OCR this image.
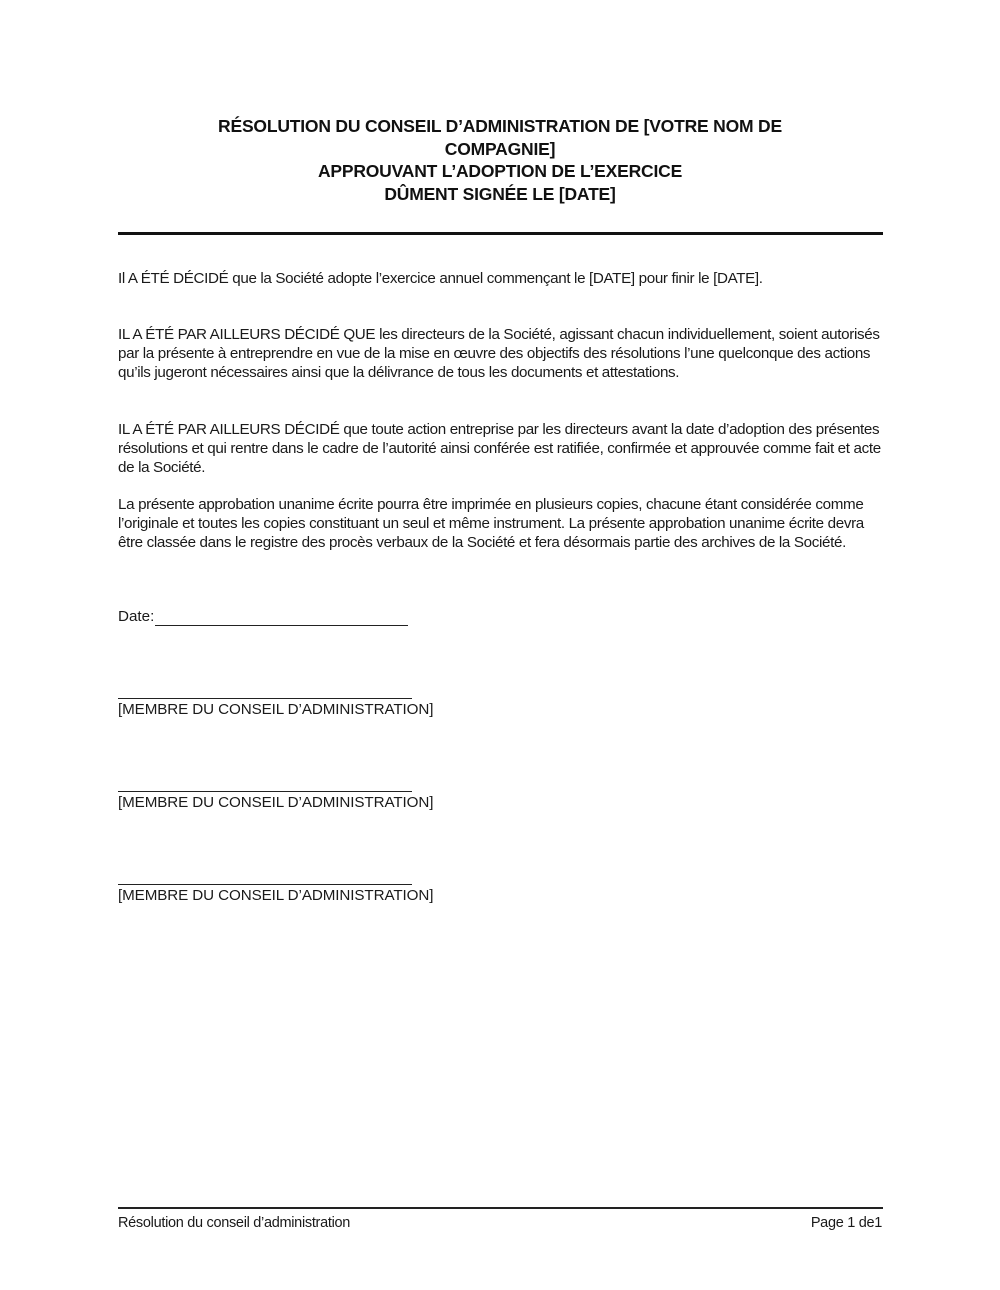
RÉSOLUTION DU CONSEIL D’ADMINISTRATION DE [VOTRE NOM DE
COMPAGNIE]
APPROUVANT L’ADOPTION DE L’EXERCICE
DÛMENT SIGNÉE LE [DATE]

Il A ÉTÉ DÉCIDÉ que la Société adopte l’exercice annuel commençant le [DATE] pour finir le [DATE].

IL A ÉTÉ PAR AILLEURS DÉCIDÉ QUE les directeurs de la Société, agissant chacun individuellement, soient autorisés par la présente à entreprendre en vue de la mise en œuvre des objectifs des résolutions l’une quelconque des actions qu’ils jugeront nécessaires ainsi que la délivrance de tous les documents et attestations.

IL A ÉTÉ PAR AILLEURS DÉCIDÉ que toute action entreprise par les directeurs avant la date d’adoption des présentes résolutions et qui rentre dans le cadre de l’autorité ainsi conférée est ratifiée, confirmée et approuvée comme fait et acte de la Société.

La présente approbation unanime écrite pourra être imprimée en plusieurs copies, chacune étant considérée comme l’originale et toutes les copies constituant un seul et même instrument. La présente approbation unanime écrite devra être classée dans le registre des procès verbaux de la Société et fera désormais partie des archives de la Société.

Date:
[MEMBRE DU CONSEIL D’ADMINISTRATION]
[MEMBRE DU CONSEIL D’ADMINISTRATION]
[MEMBRE DU CONSEIL D’ADMINISTRATION]
Résolution du conseil d’administration	Page 1 de1
